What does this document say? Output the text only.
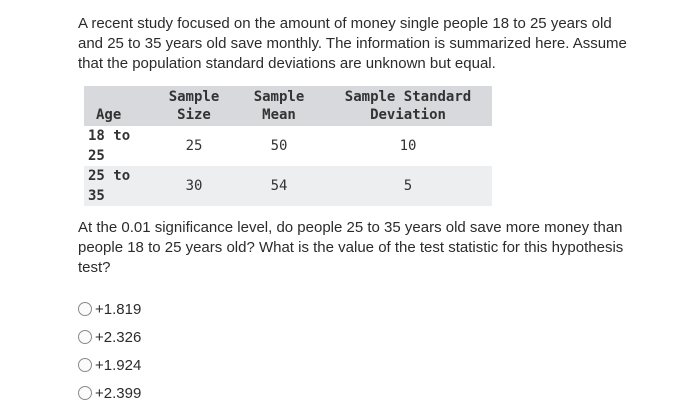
A recent study focused on the amount of money single people 18 to 25 years old and 25 to 35 years old save monthly. The information is summarized here. Assume that the population standard deviations are unknown but equal.

Age	Sample Size	Sample Mean	Sample Standard Deviation
18 to 25	25	50	10
25 to 35	30	54	5

At the 0.01 significance level, do people 25 to 35 years old save more money than people 18 to 25 years old? What is the value of the test statistic for this hypothesis test?

+1.819
+2.326
+1.924
+2.399
